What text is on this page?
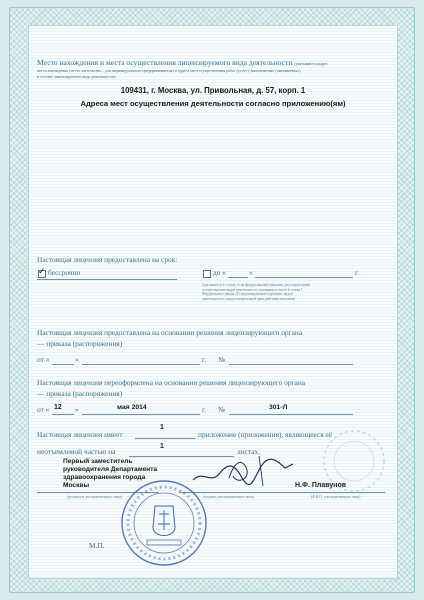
Место нахождения и места осуществления лицензируемого вида деятельности (указываются адрес
места нахождения (место жительства – для индивидуального предпринимателя) и адреса мест осуществления работ (услуг), выполняемых (оказываемых)
в составе лицензируемого вида деятельности)
109431, г. Москва, ул. Привольная, д. 57, корп. 1
Адреса мест осуществления деятельности согласно приложению(ям)
Настоящая лицензия предоставлена на срок:
✓ бессрочно	до «	»	г.
(указывается в случае, если федеральными законами, регулирующими осуществление видов деятельности, указанных в части 4 статьи 1 Федерального закона «О лицензировании отдельных видов деятельности», предусмотрен иной срок действия лицензии)
Настоящая лицензия предоставлена на основании решения лицензирующего органа
— приказа (распоряжения)
от «	»	г. №
Настоящая лицензия переоформлена на основании решения лицензирующего органа
— приказа (распоряжения)
от « 12 »	мая 2014	г. №	301-Л
Настоящая лицензия имеет
1
приложение (приложения), являющееся её
неотъемлемой частью на
1
листах.
Первый заместитель
руководителя Департамента
здравоохранения города
Москвы
(должность уполномоченного лица)	(подпись уполномоченного лица)
Н.Ф. Плавунов
(Ф.И.О. уполномоченного лица)
М.П.
